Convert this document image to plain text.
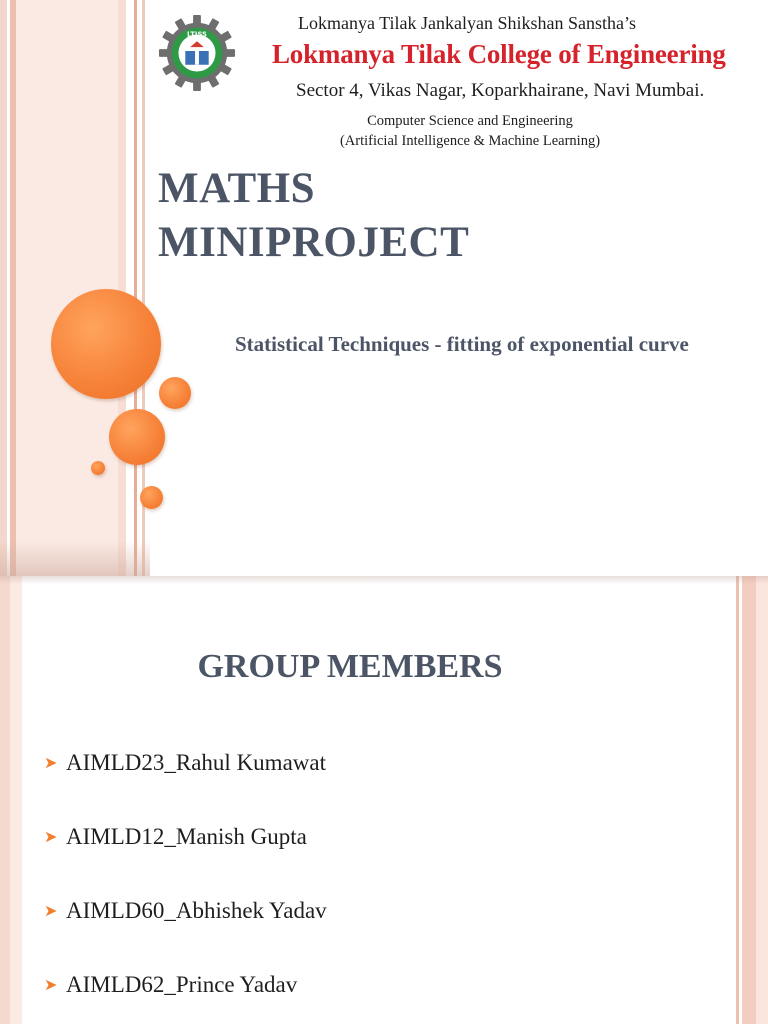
LTJSS
Lokmanya Tilak Jankalyan Shikshan Sanstha’s
Lokmanya Tilak College of Engineering
Sector 4, Vikas Nagar, Koparkhairane, Navi Mumbai.
Computer Science and Engineering
(Artificial Intelligence & Machine Learning)
MATHS
MINIPROJECT

Statistical Techniques - fitting of exponential curve

GROUP MEMBERS
➤ AIMLD23_Rahul Kumawat
➤ AIMLD12_Manish Gupta
➤ AIMLD60_Abhishek Yadav
➤ AIMLD62_Prince Yadav
